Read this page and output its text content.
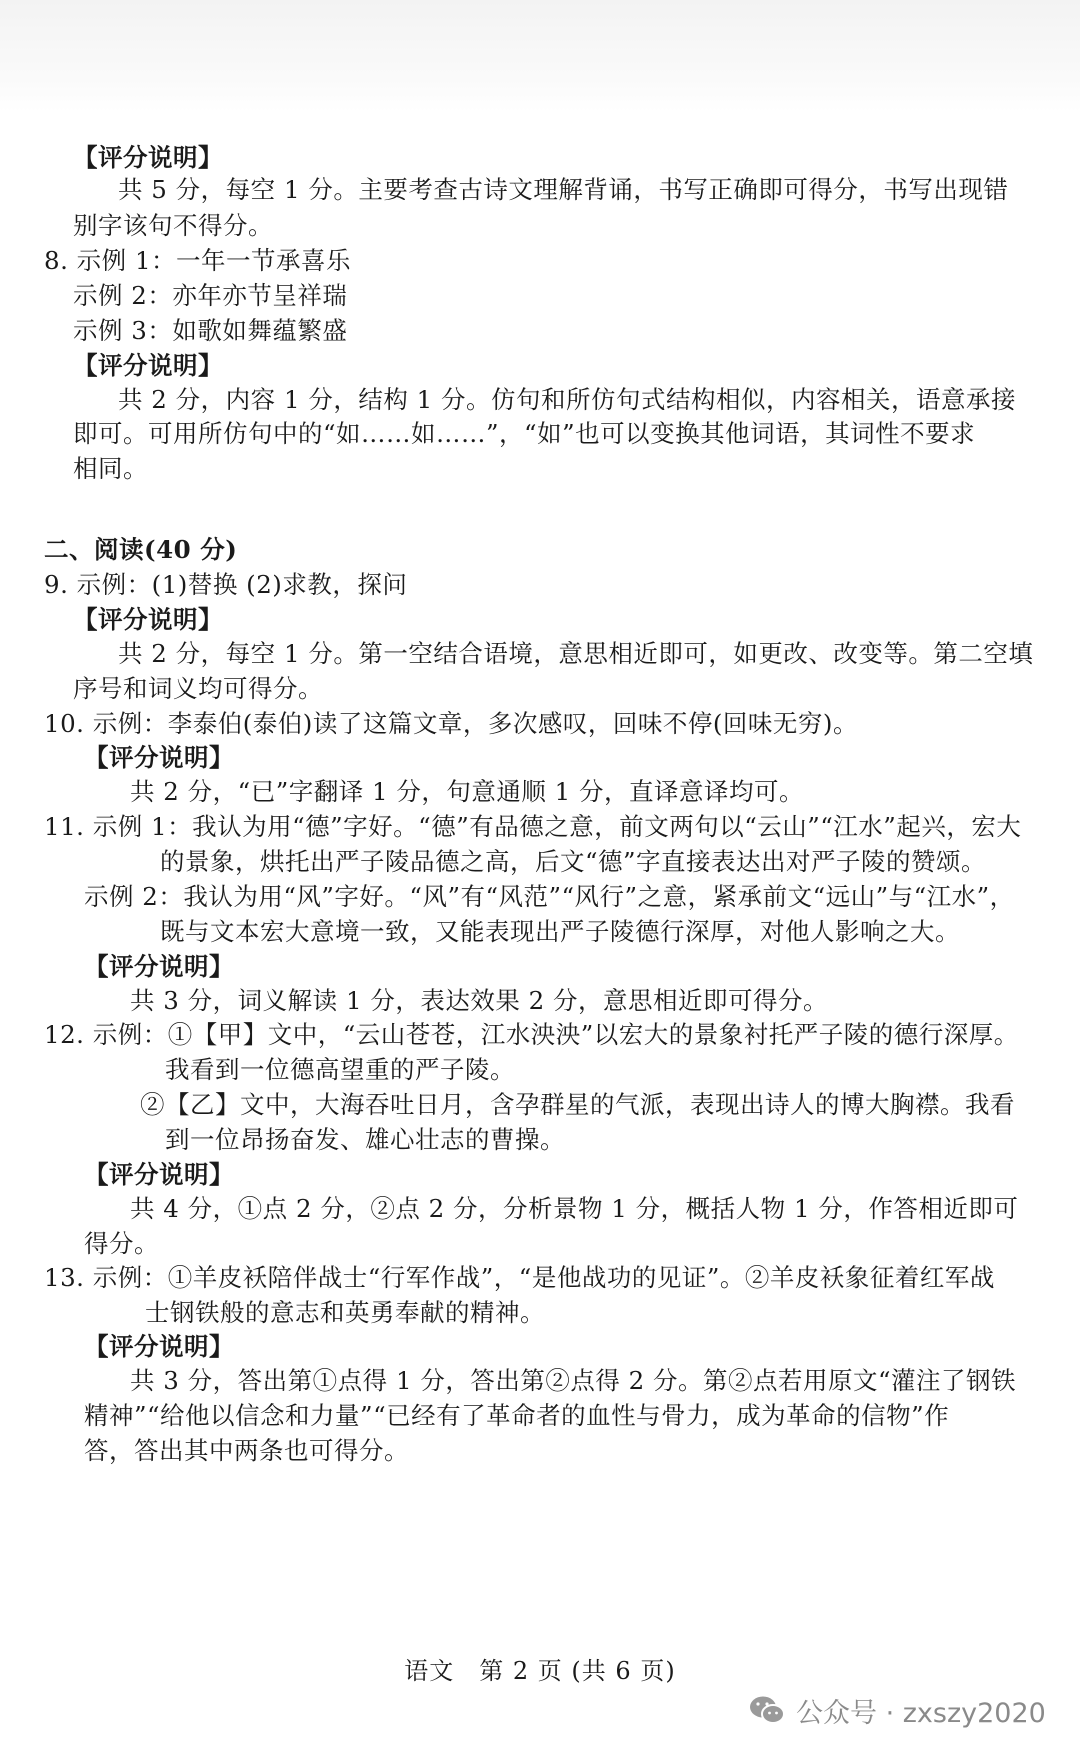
【评分说明】
共 5 分，每空 1 分。主要考查古诗文理解背诵，书写正确即可得分，书写出现错
别字该句不得分。
8. 示例 1：一年一节承喜乐
示例 2：亦年亦节呈祥瑞
示例 3：如歌如舞蕴繁盛
【评分说明】
共 2 分，内容 1 分，结构 1 分。仿句和所仿句式结构相似，内容相关，语意承接
即可。可用所仿句中的“如……如……”，“如”也可以变换其他词语，其词性不要求
相同。
二、阅读(40 分)
9. 示例：(1)替换 (2)求教，探问
【评分说明】
共 2 分，每空 1 分。第一空结合语境，意思相近即可，如更改、改变等。第二空填
序号和词义均可得分。
10. 示例：李泰伯(泰伯)读了这篇文章，多次感叹，回味不停(回味无穷)。
【评分说明】
共 2 分，“已”字翻译 1 分，句意通顺 1 分，直译意译均可。
11. 示例 1：我认为用“德”字好。“德”有品德之意，前文两句以“云山”“江水”起兴，宏大
的景象，烘托出严子陵品德之高，后文“德”字直接表达出对严子陵的赞颂。
示例 2：我认为用“风”字好。“风”有“风范”“风行”之意，紧承前文“远山”与“江水”，
既与文本宏大意境一致，又能表现出严子陵德行深厚，对他人影响之大。
【评分说明】
共 3 分，词义解读 1 分，表达效果 2 分，意思相近即可得分。
12. 示例：①【甲】文中，“云山苍苍，江水泱泱”以宏大的景象衬托严子陵的德行深厚。
我看到一位德高望重的严子陵。
②【乙】文中，大海吞吐日月，含孕群星的气派，表现出诗人的博大胸襟。我看
到一位昂扬奋发、雄心壮志的曹操。
【评分说明】
共 4 分，①点 2 分，②点 2 分，分析景物 1 分，概括人物 1 分，作答相近即可
得分。
13. 示例：①羊皮袄陪伴战士“行军作战”，“是他战功的见证”。②羊皮袄象征着红军战
士钢铁般的意志和英勇奉献的精神。
【评分说明】
共 3 分，答出第①点得 1 分，答出第②点得 2 分。第②点若用原文“灌注了钢铁
精神”“给他以信念和力量”“已经有了革命者的血性与骨力，成为革命的信物”作
答，答出其中两条也可得分。
语文　第 2 页 (共 6 页)
公众号 · zxszy2020
